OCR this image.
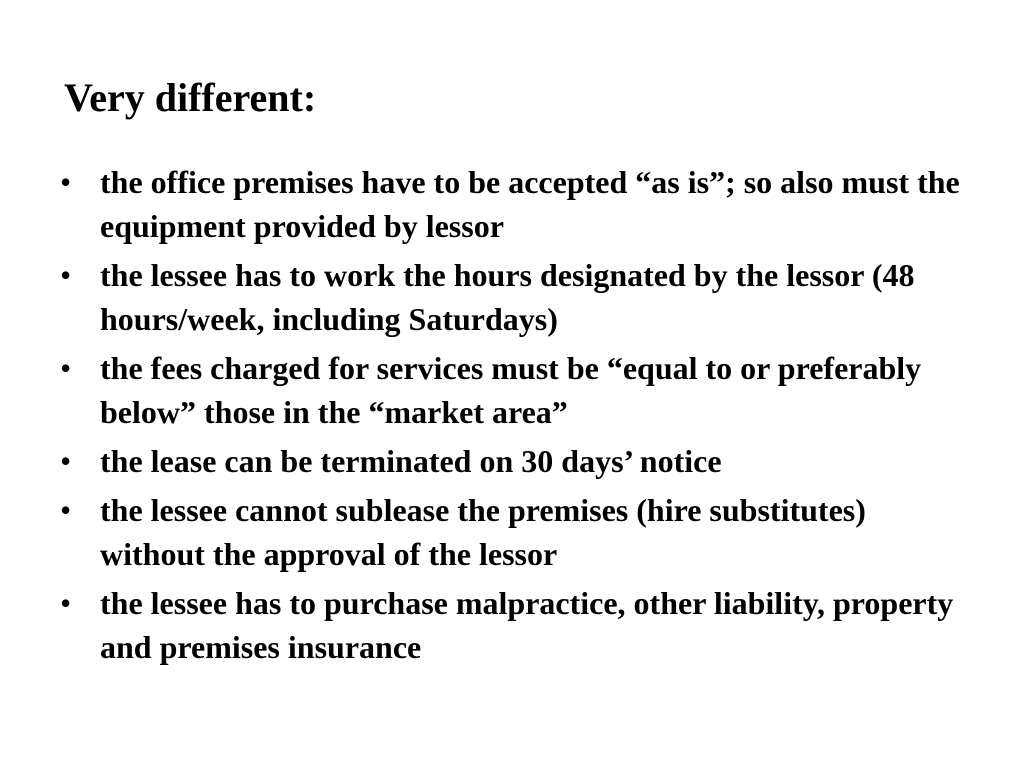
Very different:
• the office premises have to be accepted “as is”; so also must the equipment provided by lessor
• the lessee has to work the hours designated by the lessor (48 hours/week, including Saturdays)
• the fees charged for services must be “equal to or preferably below” those in the “market area”
• the lease can be terminated on 30 days’ notice
• the lessee cannot sublease the premises (hire substitutes) without the approval of the lessor
• the lessee has to purchase malpractice, other liability, property and premises insurance
